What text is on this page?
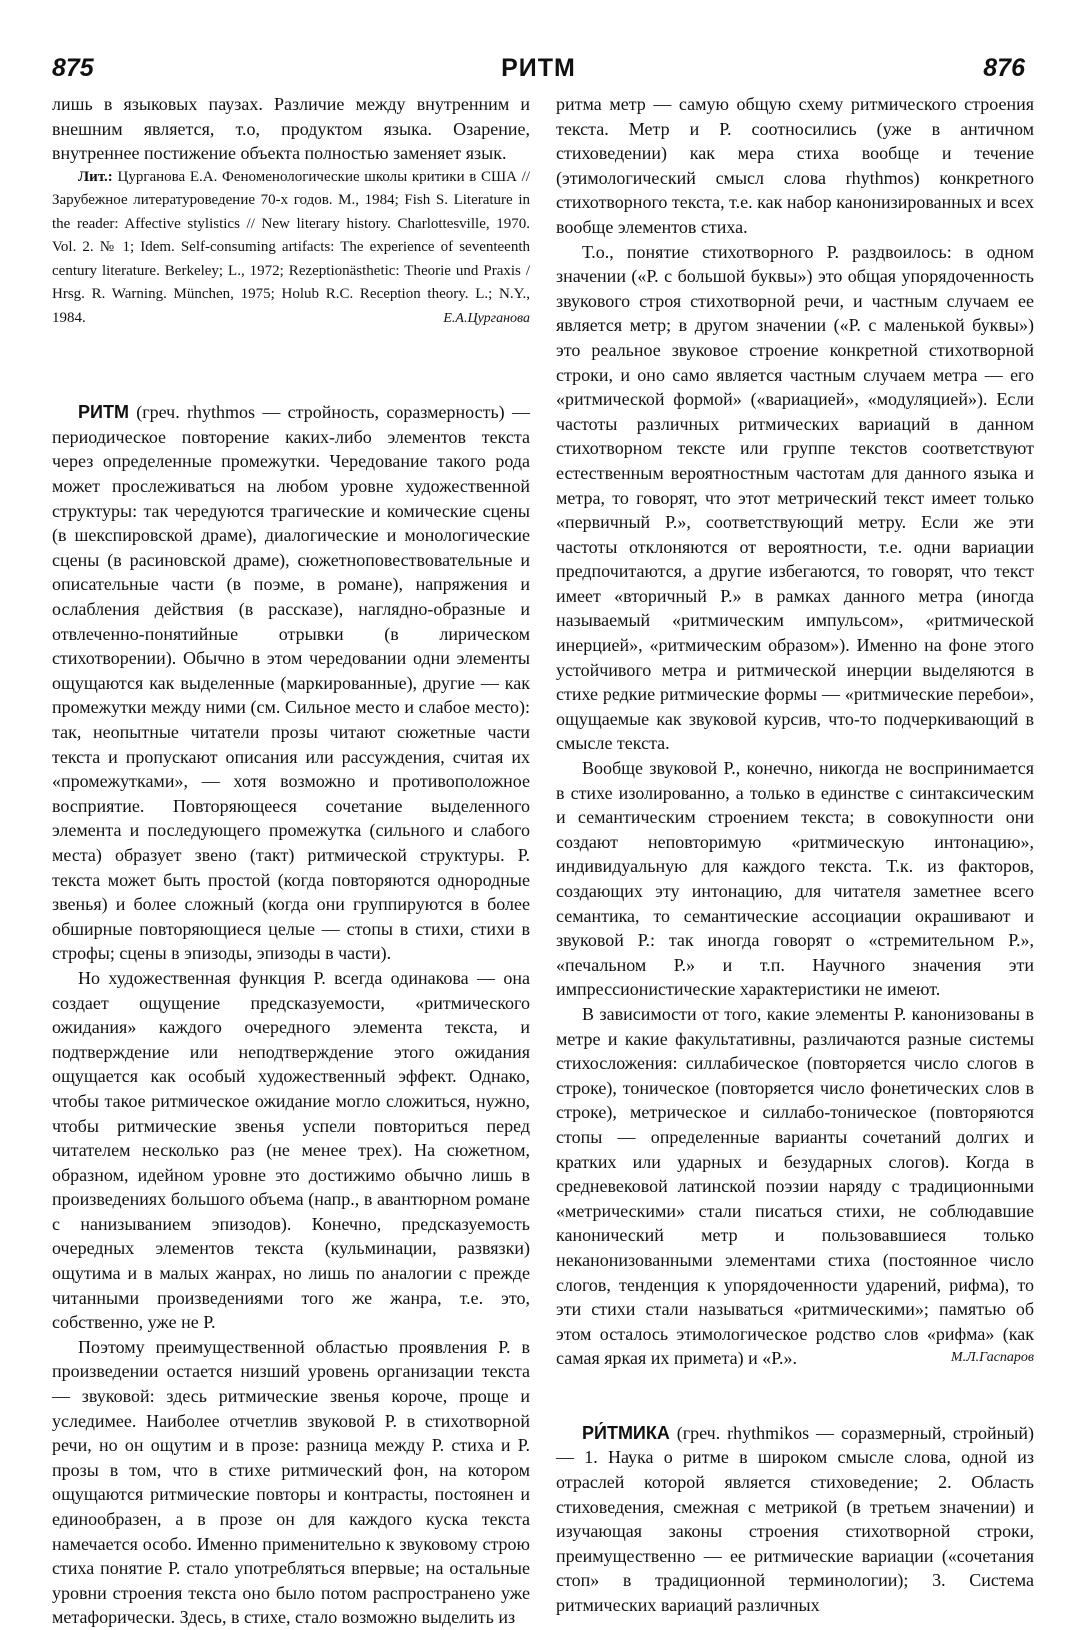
875	РИТМ	876

лишь в языковых паузах. Различие между внутренним и внешним является, т.о, продуктом языка. Озарение, внутреннее постижение объекта полностью заменяет язык.

Лит.: Цурганова Е.А. Феноменологические школы критики в США // Зарубежное литературоведение 70-х годов. М., 1984; Fish S. Literature in the reader: Affective stylistics // New literary history. Charlottesville, 1970. Vol. 2. № 1; Idem. Self-consuming artifacts: The experience of seventeenth century literature. Berkeley; L., 1972; Rezeptionästhetic: Theorie und Praxis / Hrsg. R. Warning. München, 1975; Holub R.C. Reception theory. L.; N.Y., 1984.	Е.А.Цурганова

РИТМ (греч. rhythmos — стройность, соразмерность) — периодическое повторение каких-либо элементов текста через определенные промежутки. Чередование такого рода может прослеживаться на любом уровне художественной структуры: так чередуются трагические и комические сцены (в шекспировской драме), диалогические и монологические сцены (в расиновской драме), сюжетноповествовательные и описательные части (в поэме, в романе), напряжения и ослабления действия (в рассказе), наглядно-образные и отвлеченно-понятийные отрывки (в лирическом стихотворении). Обычно в этом чередовании одни элементы ощущаются как выделенные (маркированные), другие — как промежутки между ними (см. Сильное место и слабое место): так, неопытные читатели прозы читают сюжетные части текста и пропускают описания или рассуждения, считая их «промежутками», — хотя возможно и противоположное восприятие. Повторяющееся сочетание выделенного элемента и последующего промежутка (сильного и слабого места) образует звено (такт) ритмической структуры. Р. текста может быть простой (когда повторяются однородные звенья) и более сложный (когда они группируются в более обширные повторяющиеся целые — стопы в стихи, стихи в строфы; сцены в эпизоды, эпизоды в части).

Но художественная функция Р. всегда одинакова — она создает ощущение предсказуемости, «ритмического ожидания» каждого очередного элемента текста, и подтверждение или неподтверждение этого ожидания ощущается как особый художественный эффект. Однако, чтобы такое ритмическое ожидание могло сложиться, нужно, чтобы ритмические звенья успели повториться перед читателем несколько раз (не менее трех). На сюжетном, образном, идейном уровне это достижимо обычно лишь в произведениях большого объема (напр., в авантюрном романе с нанизыванием эпизодов). Конечно, предсказуемость очередных элементов текста (кульминации, развязки) ощутима и в малых жанрах, но лишь по аналогии с прежде читанными произведениями того же жанра, т.е. это, собственно, уже не Р.

Поэтому преимущественной областью проявления Р. в произведении остается низший уровень организации текста — звуковой: здесь ритмические звенья короче, проще и уследимее. Наиболее отчетлив звуковой Р. в стихотворной речи, но он ощутим и в прозе: разница между Р. стиха и Р. прозы в том, что в стихе ритмический фон, на котором ощущаются ритмические повторы и контрасты, постоянен и единообразен, а в прозе он для каждого куска текста намечается особо. Именно применительно к звуковому строю стиха понятие Р. стало употребляться впервые; на остальные уровни строения текста оно было потом распространено уже метафорически. Здесь, в стихе, стало возможно выделить из

ритма метр — самую общую схему ритмического строения текста. Метр и Р. соотносились (уже в античном стиховедении) как мера стиха вообще и течение (этимологический смысл слова rhythmos) конкретного стихотворного текста, т.е. как набор канонизированных и всех вообще элементов стиха.

Т.о., понятие стихотворного Р. раздвоилось: в одном значении («Р. с большой буквы») это общая упорядоченность звукового строя стихотворной речи, и частным случаем ее является метр; в другом значении («Р. с маленькой буквы») это реальное звуковое строение конкретной стихотворной строки, и оно само является частным случаем метра — его «ритмической формой» («вариацией», «модуляцией»). Если частоты различных ритмических вариаций в данном стихотворном тексте или группе текстов соответствуют естественным вероятностным частотам для данного языка и метра, то говорят, что этот метрический текст имеет только «первичный Р.», соответствующий метру. Если же эти частоты отклоняются от вероятности, т.е. одни вариации предпочитаются, а другие избегаются, то говорят, что текст имеет «вторичный Р.» в рамках данного метра (иногда называемый «ритмическим импульсом», «ритмической инерцией», «ритмическим образом»). Именно на фоне этого устойчивого метра и ритмической инерции выделяются в стихе редкие ритмические формы — «ритмические перебои», ощущаемые как звуковой курсив, что-то подчеркивающий в смысле текста.

Вообще звуковой Р., конечно, никогда не воспринимается в стихе изолированно, а только в единстве с синтаксическим и семантическим строением текста; в совокупности они создают неповторимую «ритмическую интонацию», индивидуальную для каждого текста. Т.к. из факторов, создающих эту интонацию, для читателя заметнее всего семантика, то семантические ассоциации окрашивают и звуковой Р.: так иногда говорят о «стремительном Р.», «печальном Р.» и т.п. Научного значения эти импрессионистические характеристики не имеют.

В зависимости от того, какие элементы Р. канонизованы в метре и какие факультативны, различаются разные системы стихосложения: силлабическое (повторяется число слогов в строке), тоническое (повторяется число фонетических слов в строке), метрическое и силлабо-тоническое (повторяются стопы — определенные варианты сочетаний долгих и кратких или ударных и безударных слогов). Когда в средневековой латинской поэзии наряду с традиционными «метрическими» стали писаться стихи, не соблюдавшие канонический метр и пользовавшиеся только неканонизованными элементами стиха (постоянное число слогов, тенденция к упорядоченности ударений, рифма), то эти стихи стали называться «ритмическими»; памятью об этом осталось этимологическое родство слов «рифма» (как самая яркая их примета) и «Р.».	М.Л.Гаспаров

РИ́ТМИКА (греч. rhythmikos — соразмерный, стройный) — 1. Наука о ритме в широком смысле слова, одной из отраслей которой является стиховедение; 2. Область стиховедения, смежная с метрикой (в третьем значении) и изучающая законы строения стихотворной строки, преимущественно — ее ритмические вариации («сочетания стоп» в традиционной терминологии); 3. Система ритмических вариаций различных
